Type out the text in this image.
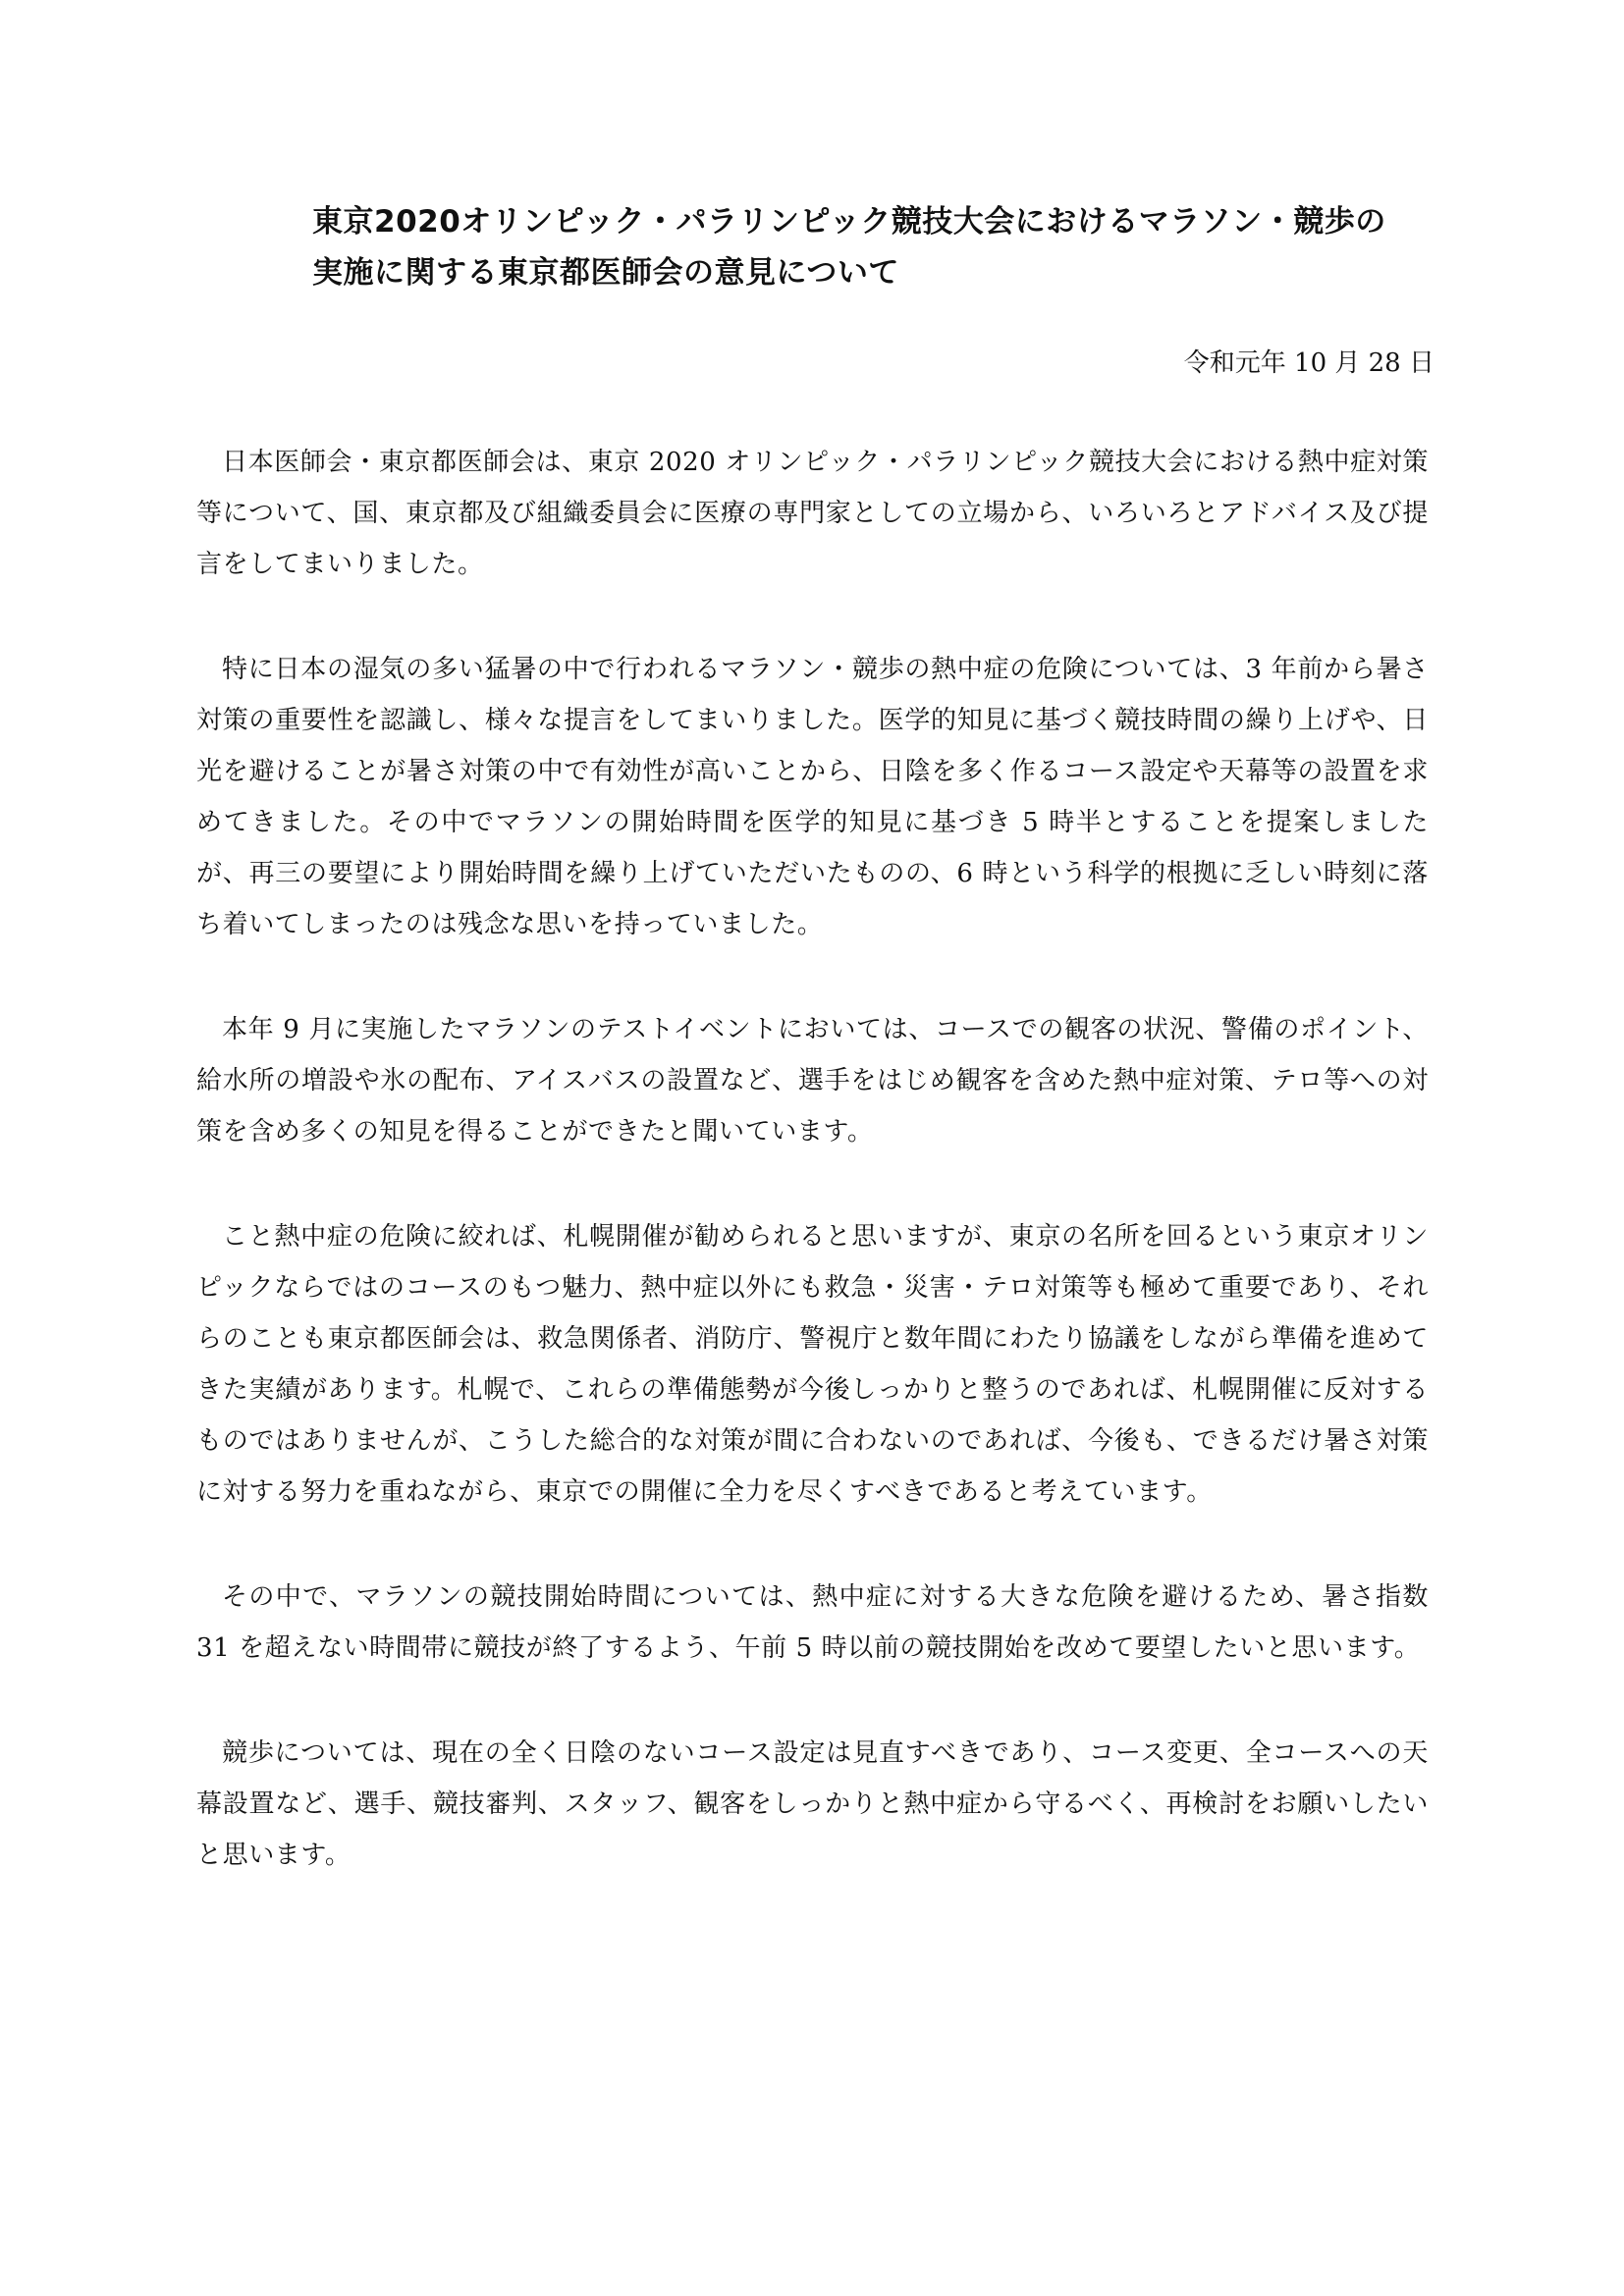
東京2020オリンピック・パラリンピック競技大会におけるマラソン・競歩の
実施に関する東京都医師会の意見について

令和元年 10 月 28 日

日本医師会・東京都医師会は、東京 2020 オリンピック・パラリンピック競技大会における熱中症対策等について、国、東京都及び組織委員会に医療の専門家としての立場から、いろいろとアドバイス及び提言をしてまいりました。

特に日本の湿気の多い猛暑の中で行われるマラソン・競歩の熱中症の危険については、3 年前から暑さ対策の重要性を認識し、様々な提言をしてまいりました。医学的知見に基づく競技時間の繰り上げや、日光を避けることが暑さ対策の中で有効性が高いことから、日陰を多く作るコース設定や天幕等の設置を求めてきました。その中でマラソンの開始時間を医学的知見に基づき 5 時半とすることを提案しましたが、再三の要望により開始時間を繰り上げていただいたものの、6 時という科学的根拠に乏しい時刻に落ち着いてしまったのは残念な思いを持っていました。

本年 9 月に実施したマラソンのテストイベントにおいては、コースでの観客の状況、警備のポイント、給水所の増設や氷の配布、アイスバスの設置など、選手をはじめ観客を含めた熱中症対策、テロ等への対策を含め多くの知見を得ることができたと聞いています。

こと熱中症の危険に絞れば、札幌開催が勧められると思いますが、東京の名所を回るという東京オリンピックならではのコースのもつ魅力、熱中症以外にも救急・災害・テロ対策等も極めて重要であり、それらのことも東京都医師会は、救急関係者、消防庁、警視庁と数年間にわたり協議をしながら準備を進めてきた実績があります。札幌で、これらの準備態勢が今後しっかりと整うのであれば、札幌開催に反対するものではありませんが、こうした総合的な対策が間に合わないのであれば、今後も、できるだけ暑さ対策に対する努力を重ねながら、東京での開催に全力を尽くすべきであると考えています。

その中で、マラソンの競技開始時間については、熱中症に対する大きな危険を避けるため、暑さ指数 31 を超えない時間帯に競技が終了するよう、午前 5 時以前の競技開始を改めて要望したいと思います。

競歩については、現在の全く日陰のないコース設定は見直すべきであり、コース変更、全コースへの天幕設置など、選手、競技審判、スタッフ、観客をしっかりと熱中症から守るべく、再検討をお願いしたいと思います。
